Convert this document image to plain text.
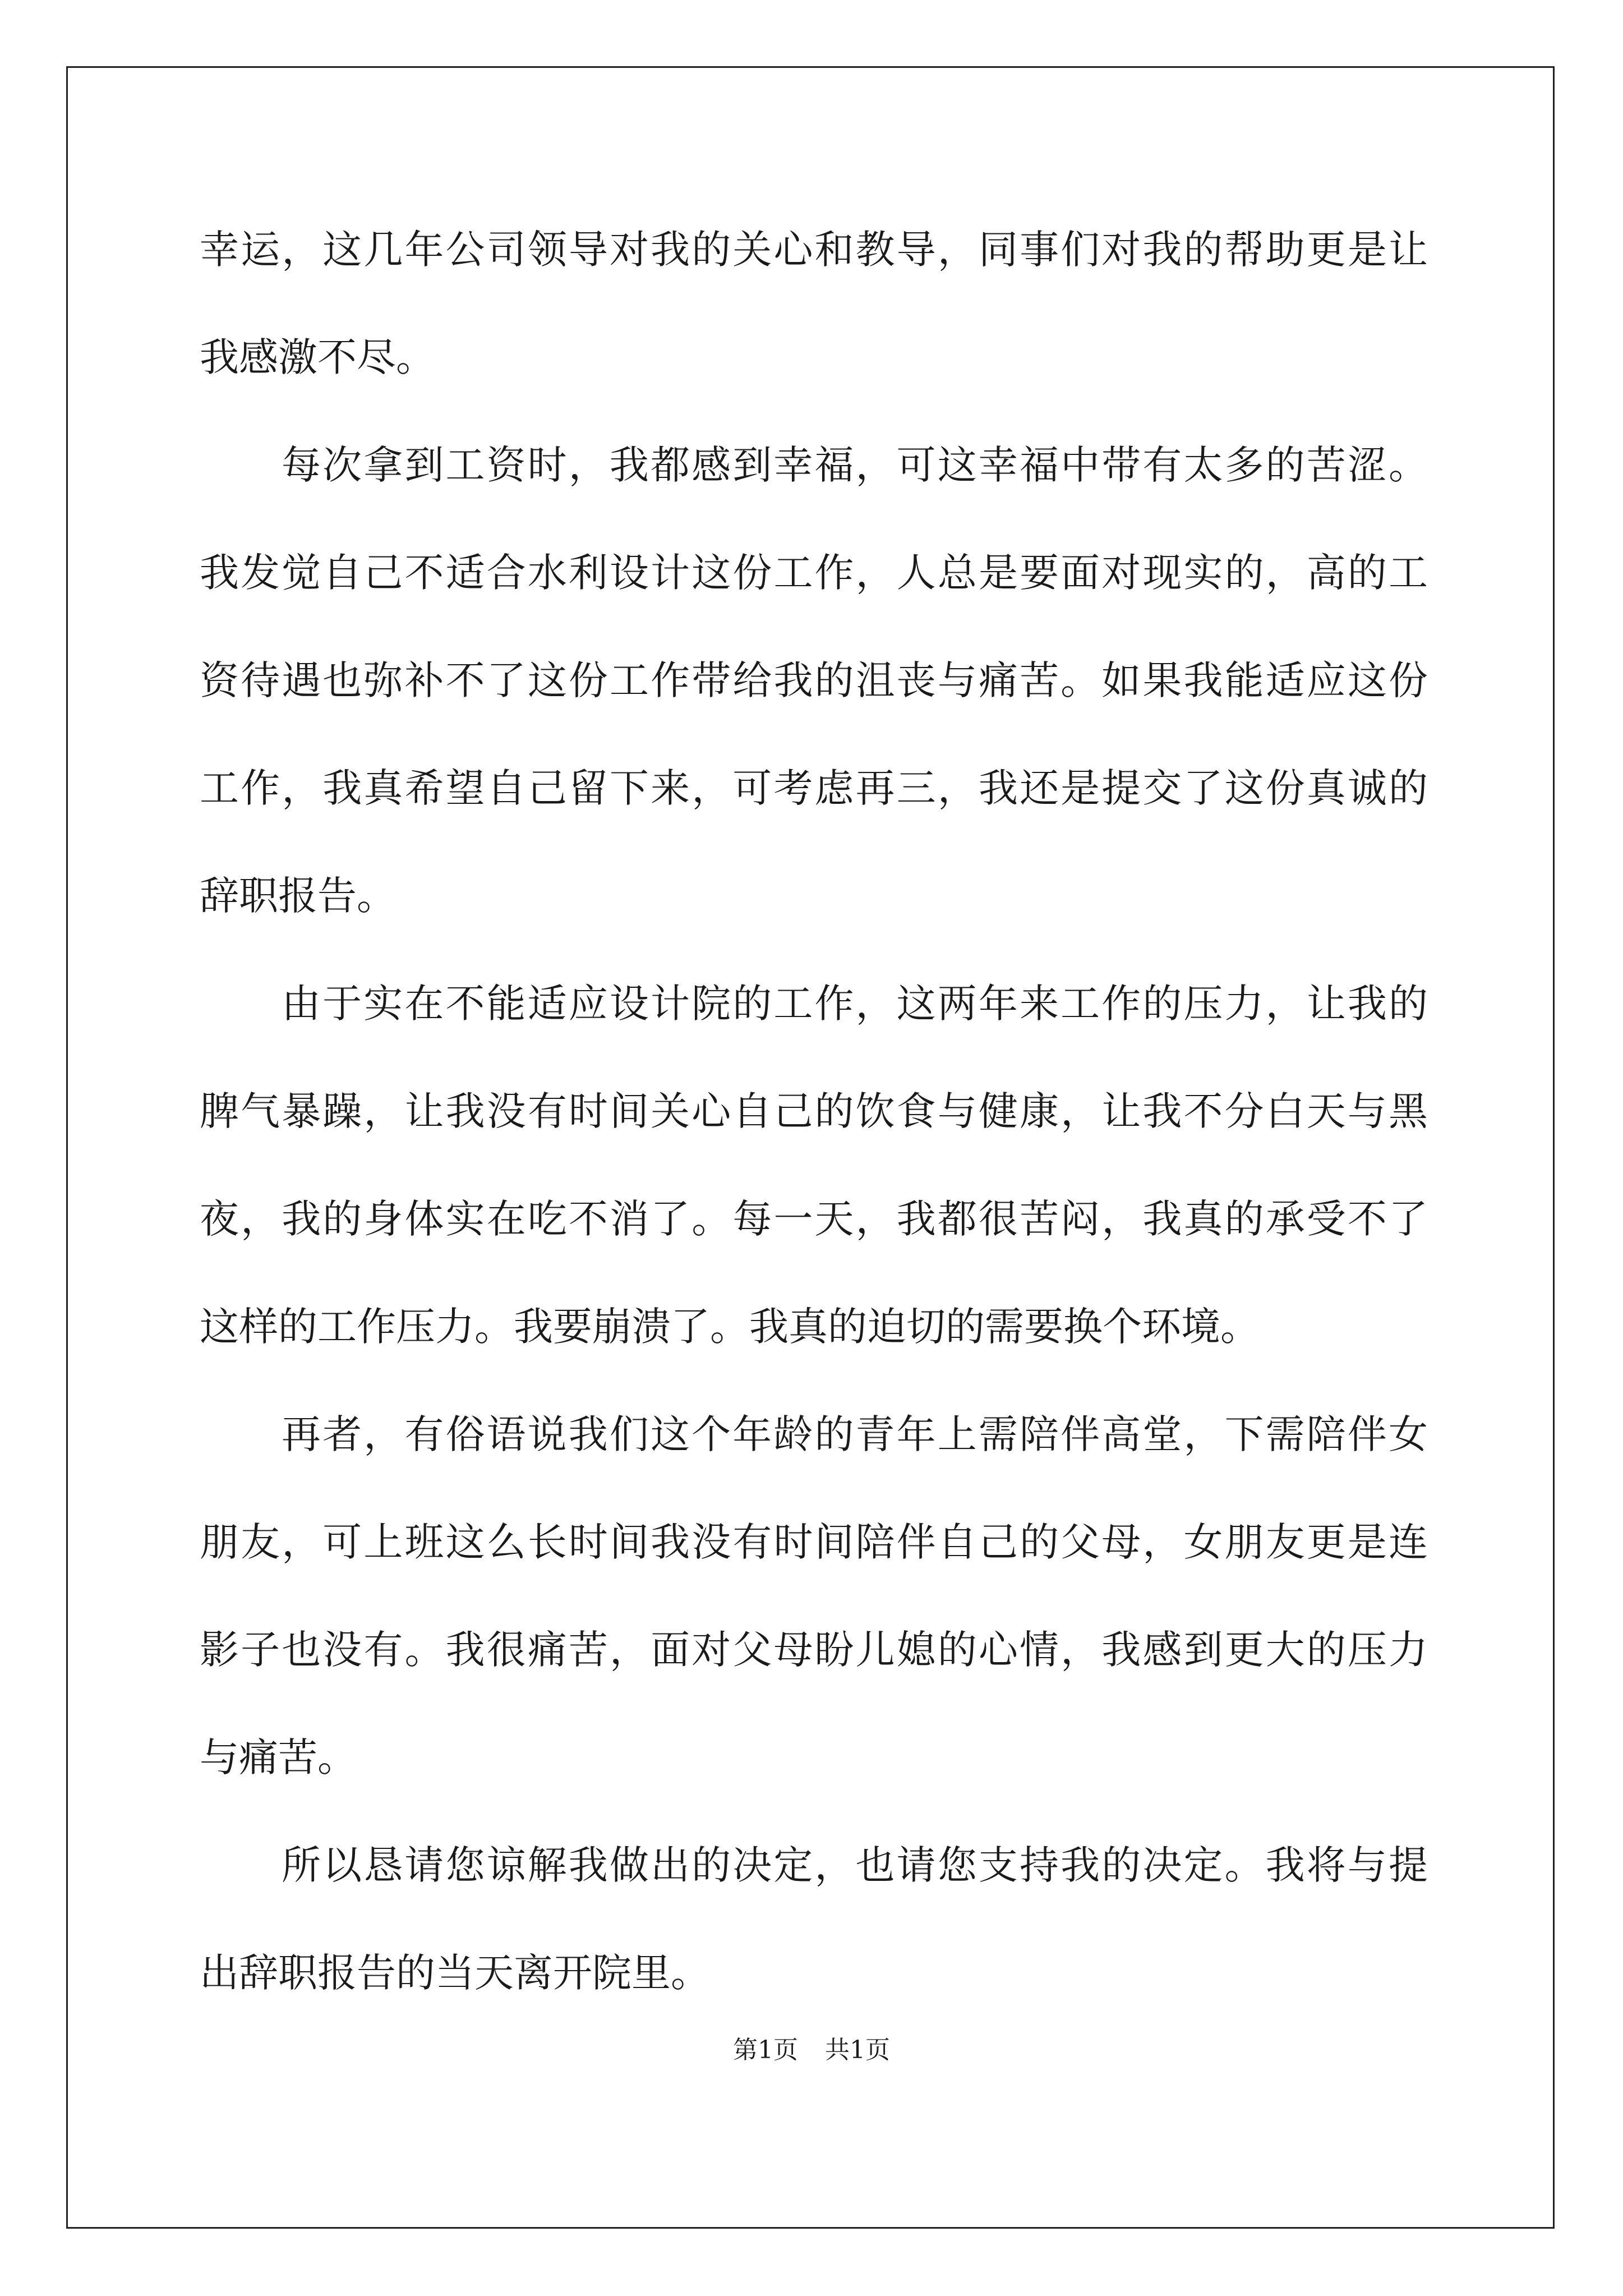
幸运，这几年公司领导对我的关心和教导，同事们对我的帮助更是让
我感激不尽。
每次拿到工资时，我都感到幸福，可这幸福中带有太多的苦涩。
我发觉自己不适合水利设计这份工作，人总是要面对现实的，高的工
资待遇也弥补不了这份工作带给我的沮丧与痛苦。如果我能适应这份
工作，我真希望自己留下来，可考虑再三，我还是提交了这份真诚的
辞职报告。
由于实在不能适应设计院的工作，这两年来工作的压力，让我的
脾气暴躁，让我没有时间关心自己的饮食与健康，让我不分白天与黑
夜，我的身体实在吃不消了。每一天，我都很苦闷，我真的承受不了
这样的工作压力。我要崩溃了。我真的迫切的需要换个环境。
再者，有俗语说我们这个年龄的青年上需陪伴高堂，下需陪伴女
朋友，可上班这么长时间我没有时间陪伴自己的父母，女朋友更是连
影子也没有。我很痛苦，面对父母盼儿媳的心情，我感到更大的压力
与痛苦。
所以恳请您谅解我做出的决定，也请您支持我的决定。我将与提
出辞职报告的当天离开院里。
第1页 共1页
